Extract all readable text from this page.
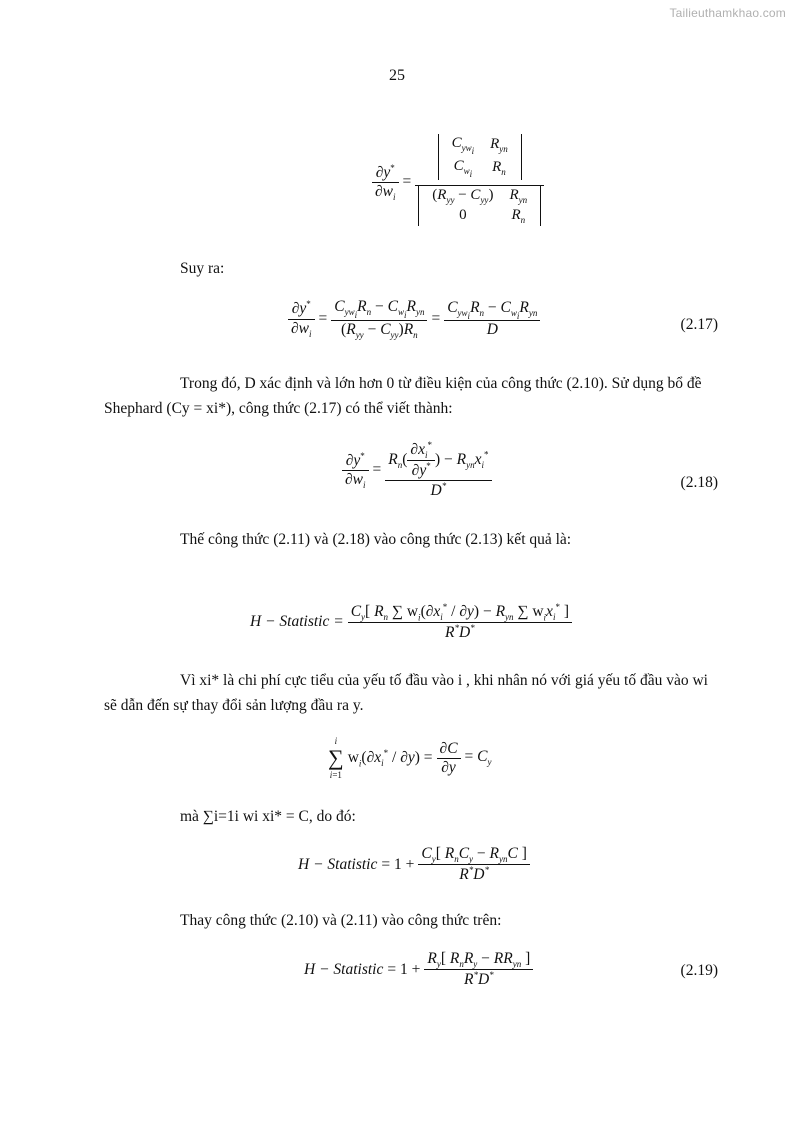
Tailieuthamkhao.com
25
$\frac{\partial y^*}{\partial w_i} = C_{yw_i}$	$R_{yn}$
$C_{w_i}$	$R_n$
$(R_{yy} - C_{yy})$	$R_{yn}$
0	$R_n$

Suy ra:

$\frac{\partial y^*}{\partial w_i} = \frac{C_{yw_i}R_n - C_{w_i}R_{yn}}{(R_{yy} - C_{yy})R_n} = \frac{C_{yw_i}R_n - C_{w_i}R_{yn}}{D}$	(2.17)

Trong đó, D xác định và lớn hơn 0 từ điều kiện của công thức (2.10). Sử dụng bổ đề Shephard (Cy = xi*), công thức (2.17) có thể viết thành:

$\frac{\partial y^*}{\partial w_i} = \frac{R_n( \frac{\partial x_i^*}{\partial y^*} ) - R_{yn}x_i^*}{D^*}$	(2.18)

Thế công thức (2.11) và (2.18) vào công thức (2.13) kết quả là:

H − Statistic = $\frac{C_y[ R_n \sum w_i(\partial x_i^* / \partial y) - R_{yn} \sum w_ix_i^* ]}{R^*D^*}$

Vì xi* là chi phí cực tiểu của yếu tố đầu vào i , khi nhân nó với giá yếu tố đầu vào wi sẽ dẫn đến sự thay đổi sản lượng đầu ra y.

i
∑
i=1
$w_i(\partial x_i^* / \partial y) = \frac{\partial C}{\partial y} = C_y$

mà ∑i=1i wi xi* = C, do đó:

H − Statistic = $1 + \frac{C_y[ R_nC_y - R_{yn}C ]}{R^*D^*}$

Thay công thức (2.10) và (2.11) vào công thức trên:

H − Statistic = $1 + \frac{R_y[ R_nR_y - RR_{yn} ]}{R^*D^*}$	(2.19)
